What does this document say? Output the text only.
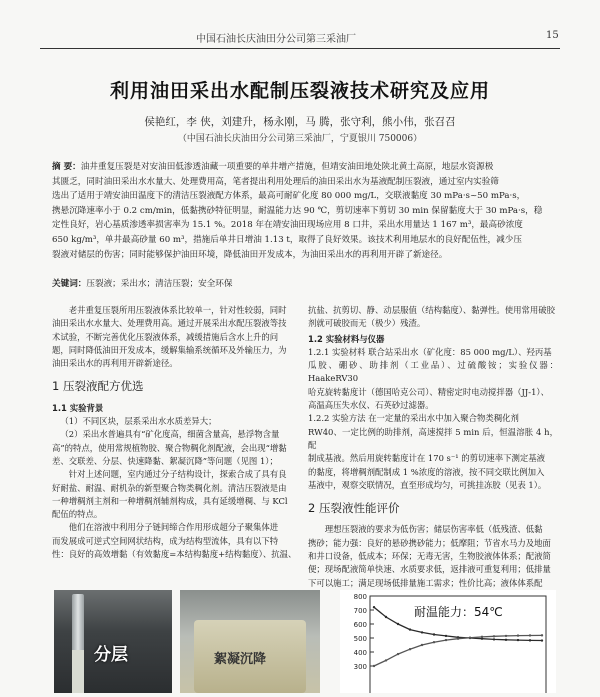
中国石油长庆油田分公司第三采油厂	15
利用油田采出水配制压裂液技术研究及应用
侯艳红，李 侠，刘建升，杨永刚，马 腾，张守利，熊小伟，张召召
（中国石油长庆油田分公司第三采油厂，宁夏银川 750006）
摘 要：油井重复压裂是对安油田低渗透油藏一项重要的单井增产措施，但靖安油田地处陕北黄土高原，地层水资源极
其匮乏，同时油田采出水水量大、处理费用高，笔者提出利用处理后的油田采出水为基液配制压裂液，通过室内实验筛
选出了适用于靖安油田温度下的清洁压裂液配方体系，最高可耐矿化度 80 000 mg/L，交联液黏度 30 mPa·s~50 mPa·s，
携悬沉降速率小于 0.2 cm/min，低黏携砂特征明显，耐温能力达 90 ℃，剪切速率下剪切 30 min 保留黏度大于 30 mPa·s，稳
定性良好，岩心基质渗透率损害率为 15.1 %。2018 年在靖安油田现场应用 8 口井，采出水用量达 1 167 m³，最高砂浓度
650 kg/m³，单井最高砂量 60 m³，措施后单井日增油 1.13 t，取得了良好效果。该技术利用地层水的良好配伍性，减少压
裂液对储层的伤害；同时能够保护油田环境，降低油田开发成本，为油田采出水的再利用开辟了新途径。
关键词：压裂液；采出水；清洁压裂；安全环保

老井重复压裂所用压裂液体系比较单一，针对性较弱，同时
油田采出水水量大、处理费用高。通过开展采出水配压裂液等技
术试验，不断完善优化压裂液体系，减缓措施后含水上升的问
题，同时降低油田开发成本，缓解集输系统循环及外输压力，为
油田采出水的再利用开辟新途径。

1 压裂液配方优选
1.1 实验背景
（1）不同区块，层系采出水水质差异大；
（2）采出水普遍具有“矿化度高，细菌含量高，悬浮物含量
高”的特点，使用常规植物胶、聚合物稠化剂配液，会出现“增黏
差、交联差、分层、快速降黏、絮凝沉降”等问题（见图 1）；
针对上述问题，室内通过分子结构设计，探索合成了具有良
好耐盐、耐温、耐机杂的新型聚合物类稠化剂。清洁压裂液是由
一种增稠剂主剂和一种增稠剂辅剂构成，具有延缓增稠、与 KCl
配伍的特点。
他们在溶液中利用分子链间缔合作用形成超分子聚集体进
而发展成可逆式空间网状结构，成为结构型流体，具有以下特
性：良好的高效增黏（有效黏度=本结构黏度+结构黏度）、抗温、
抗盐、抗剪切、静、动层服值（结构黏度）、黏弹性。使用常用破胶
剂就可破胶而无（极少）残渣。
1.2 实验材料与仪器
1.2.1 实验材料 联合站采出水（矿化度：85 000 mg/L）、羟丙基
瓜胶、硼砂、助排剂（工业品）、过硫酸铵；实验仪器：HaakeRV30
哈克旋转黏度计（德国哈克公司）、精密定时电动搅拌器（JJ-1）、
高温高压失水仪、石英砂过滤器。
1.2.2 实验方法 在一定量的采出水中加入聚合物类稠化剂
RW40、一定比例的助排剂，高速搅拌 5 min 后，恒温溶胀 4 h，配
制成基液。然后用旋转黏度计在 170 s⁻¹ 的剪切速率下测定基液
的黏度，将增稠剂配制成 1 %浓度的溶液，按不同交联比例加入
基液中，观察交联情况，直至形成均匀，可挑挂冻胶（见表 1）。
2 压裂液性能评价
理想压裂液的要求为低伤害；储层伤害率低（低残渣、低黏
携砂；能力强：良好的悬砂携砂能力；低摩阻；节省水马力及地面
和井口设备，低成本；环保；无毒无害，生物胶液体体系；配液简
便；现场配液简单快速、水质要求低，返排液可重复利用；低排量
下可以施工；满足现场低排量施工需求；性价比高；液体体系配
分层	絮凝沉降
800
700
600
500
400
300
耐温能力：54℃
